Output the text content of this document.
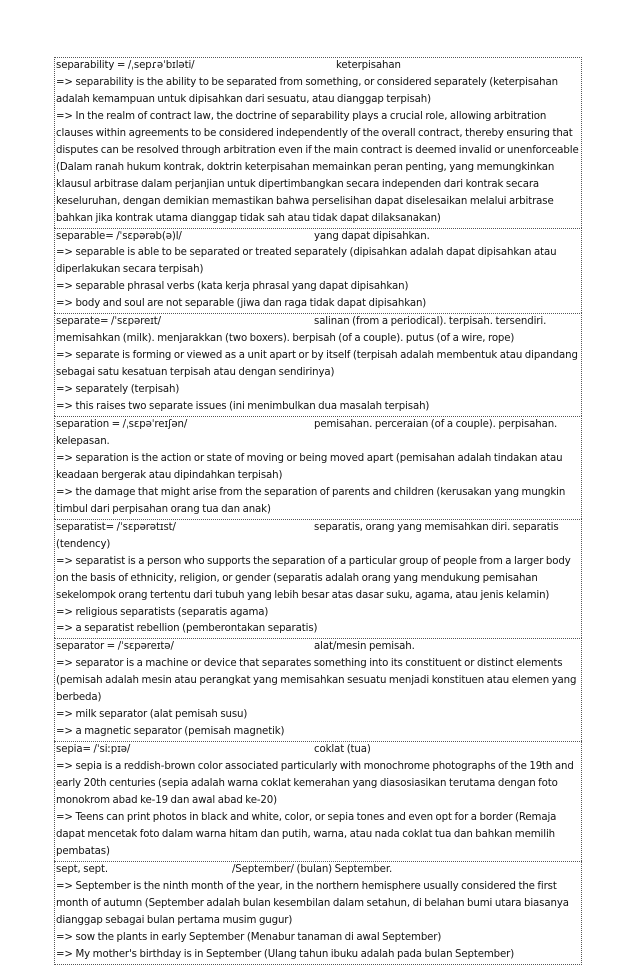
separability = /ˌsepɾəˈbɪləti/	keterpisahan
=> separability is the ability to be separated from something, or considered separately (keterpisahan adalah kemampuan untuk dipisahkan dari sesuatu, atau dianggap terpisah)
=> In the realm of contract law, the doctrine of separability plays a crucial role, allowing arbitration clauses within agreements to be considered independently of the overall contract, thereby ensuring that disputes can be resolved through arbitration even if the main contract is deemed invalid or unenforceable (Dalam ranah hukum kontrak, doktrin keterpisahan memainkan peran penting, yang memungkinkan klausul arbitrase dalam perjanjian untuk dipertimbangkan secara independen dari kontrak secara keseluruhan, dengan demikian memastikan bahwa perselisihan dapat diselesaikan melalui arbitrase bahkan jika kontrak utama dianggap tidak sah atau tidak dapat dilaksanakan)
separable= /ˈsɛpərəb(ə)l/	yang dapat dipisahkan.
=> separable is able to be separated or treated separately (dipisahkan adalah dapat dipisahkan atau diperlakukan secara terpisah)
=> separable phrasal verbs (kata kerja phrasal yang dapat dipisahkan)
=> body and soul are not separable (jiwa dan raga tidak dapat dipisahkan)
separate= /ˈsɛpəreɪt/	salinan (from a periodical). terpisah. tersendiri. memisahkan (milk). menjarakkan (two boxers). berpisah (of a couple). putus (of a wire, rope)
=> separate is forming or viewed as a unit apart or by itself (terpisah adalah membentuk atau dipandang sebagai satu kesatuan terpisah atau dengan sendirinya)
=> separately (terpisah)
=> this raises two separate issues (ini menimbulkan dua masalah terpisah)
separation = /ˌsɛpəˈreɪʃən/	pemisahan. perceraian (of a couple). perpisahan. kelepasan.
=> separation is the action or state of moving or being moved apart (pemisahan adalah tindakan atau keadaan bergerak atau dipindahkan terpisah)
=> the damage that might arise from the separation of parents and children (kerusakan yang mungkin timbul dari perpisahan orang tua dan anak)
separatist= /ˈsɛpərətɪst/	separatis, orang yang memisahkan diri. separatis (tendency)
=> separatist is a person who supports the separation of a particular group of people from a larger body on the basis of ethnicity, religion, or gender (separatis adalah orang yang mendukung pemisahan sekelompok orang tertentu dari tubuh yang lebih besar atas dasar suku, agama, atau jenis kelamin)
=> religious separatists (separatis agama)
=> a separatist rebellion (pemberontakan separatis)
separator = /ˈsɛpəreɪtə/	alat/mesin pemisah.
=> separator is a machine or device that separates something into its constituent or distinct elements (pemisah adalah mesin atau perangkat yang memisahkan sesuatu menjadi konstituen atau elemen yang berbeda)
=> milk separator (alat pemisah susu)
=> a magnetic separator (pemisah magnetik)
sepia= /ˈsiːpɪə/	coklat (tua)
=> sepia is a reddish-brown color associated particularly with monochrome photographs of the 19th and early 20th centuries (sepia adalah warna coklat kemerahan yang diasosiasikan terutama dengan foto monokrom abad ke-19 dan awal abad ke-20)
=> Teens can print photos in black and white, color, or sepia tones and even opt for a border (Remaja dapat mencetak foto dalam warna hitam dan putih, warna, atau nada coklat tua dan bahkan memilih pembatas)
sept, sept.	/September/ (bulan) September.
=> September is the ninth month of the year, in the northern hemisphere usually considered the first month of autumn (September adalah bulan kesembilan dalam setahun, di belahan bumi utara biasanya dianggap sebagai bulan pertama musim gugur)
=> sow the plants in early September (Menabur tanaman di awal September)
=> My mother's birthday is in September (Ulang tahun ibuku adalah pada bulan September)
